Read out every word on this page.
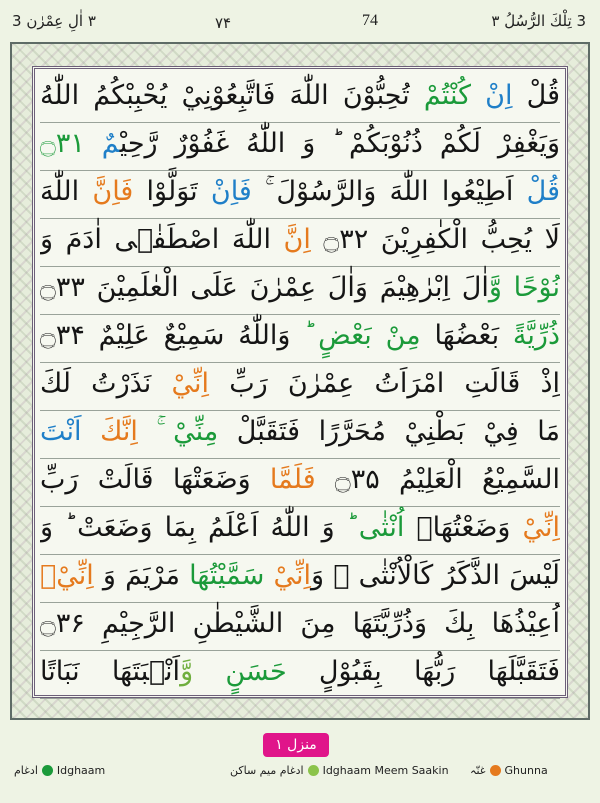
3 تِلْكَ الرُّسُلُ ٣
74
۷۴
٣ اٰلِ عِمْرٰن 3
قُلْ اِنْ كُنْتُمْ تُحِبُّوْنَ اللّٰهَ فَاتَّبِعُوْنِيْ يُحْبِبْكُمُ اللّٰهُ
وَيَغْفِرْ لَكُمْ ذُنُوْبَكُمْ ؕ وَ اللّٰهُ غَفُوْرٌ رَّحِيْمٌ ۝۳۱
قُلْ اَطِيْعُوا اللّٰهَ وَالرَّسُوْلَ ۚ فَاِنْ تَوَلَّوْا فَاِنَّ اللّٰهَ
لَا يُحِبُّ الْكٰفِرِيْنَ ۝۳۲ اِنَّ اللّٰهَ اصْطَفٰۤى اٰدَمَ وَ
نُوْحًا وَّاٰلَ اِبْرٰهِيْمَ وَاٰلَ عِمْرٰنَ عَلَى الْعٰلَمِيْنَ ۝۳۳
ذُرِّيَّةً بَعْضُهَا مِنْ بَعْضٍ ؕ وَاللّٰهُ سَمِيْعٌ عَلِيْمٌ ۝۳۴
اِذْ قَالَتِ امْرَاَتُ عِمْرٰنَ رَبِّ اِنِّيْ نَذَرْتُ لَكَ
مَا فِيْ بَطْنِيْ مُحَرَّرًا فَتَقَبَّلْ مِنِّيْ ۚ اِنَّكَ اَنْتَ
السَّمِيْعُ الْعَلِيْمُ ۝۳۵ فَلَمَّا وَضَعَتْهَا قَالَتْ رَبِّ
اِنِّيْ وَضَعْتُهَاۤ اُنْثٰى ؕ وَ اللّٰهُ اَعْلَمُ بِمَا وَضَعَتْ ؕ وَ
لَيْسَ الذَّكَرُ كَالْاُنْثٰى ۚ وَاِنِّيْ سَمَّيْتُهَا مَرْيَمَ وَ اِنِّيْۤ
اُعِيْذُهَا بِكَ وَذُرِّيَّتَهَا مِنَ الشَّيْطٰنِ الرَّجِيْمِ ۝۳۶
فَتَقَبَّلَهَا رَبُّهَا بِقَبُوْلٍ حَسَنٍ وَّاَنْۢبَتَهَا نَبَاتًا
منزل ۱
ادغام Idghaam	ادغام میم ساکن Idghaam Meem Saakin غنّہ Ghunna
